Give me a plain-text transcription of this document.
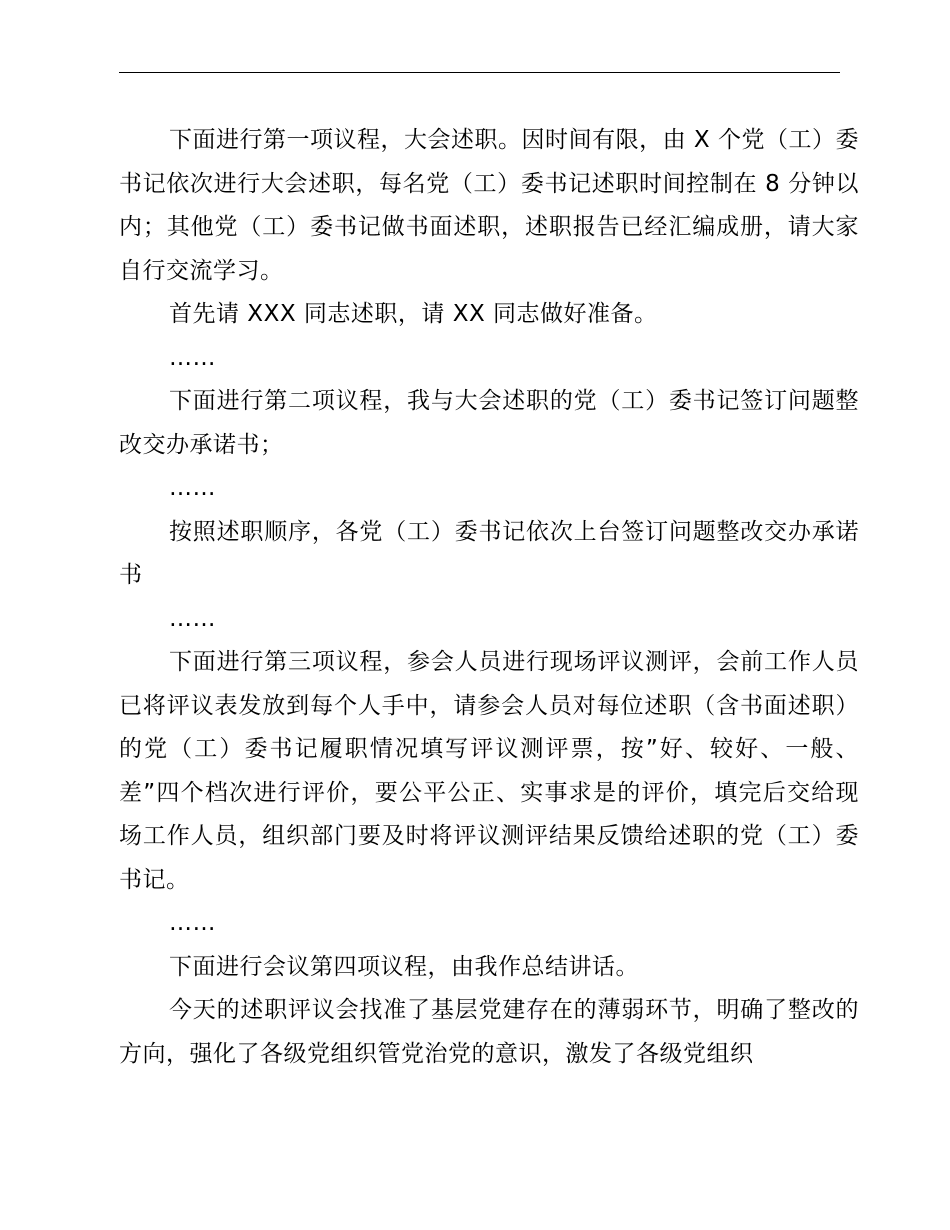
下面进行第一项议程，大会述职。因时间有限，由 X 个党（工）委书记依次进行大会述职，每名党（工）委书记述职时间控制在 8 分钟以内；其他党（工）委书记做书面述职，述职报告已经汇编成册，请大家自行交流学习。

首先请 XXX 同志述职，请 XX 同志做好准备。

……

下面进行第二项议程，我与大会述职的党（工）委书记签订问题整改交办承诺书；

……

按照述职顺序，各党（工）委书记依次上台签订问题整改交办承诺书

……

下面进行第三项议程，参会人员进行现场评议测评，会前工作人员已将评议表发放到每个人手中，请参会人员对每位述职（含书面述职）的党（工）委书记履职情况填写评议测评票，按”好、较好、一般、差”四个档次进行评价，要公平公正、实事求是的评价，填完后交给现场工作人员，组织部门要及时将评议测评结果反馈给述职的党（工）委书记。

……

下面进行会议第四项议程，由我作总结讲话。

今天的述职评议会找准了基层党建存在的薄弱环节，明确了整改的方向，强化了各级党组织管党治党的意识，激发了各级党组织
